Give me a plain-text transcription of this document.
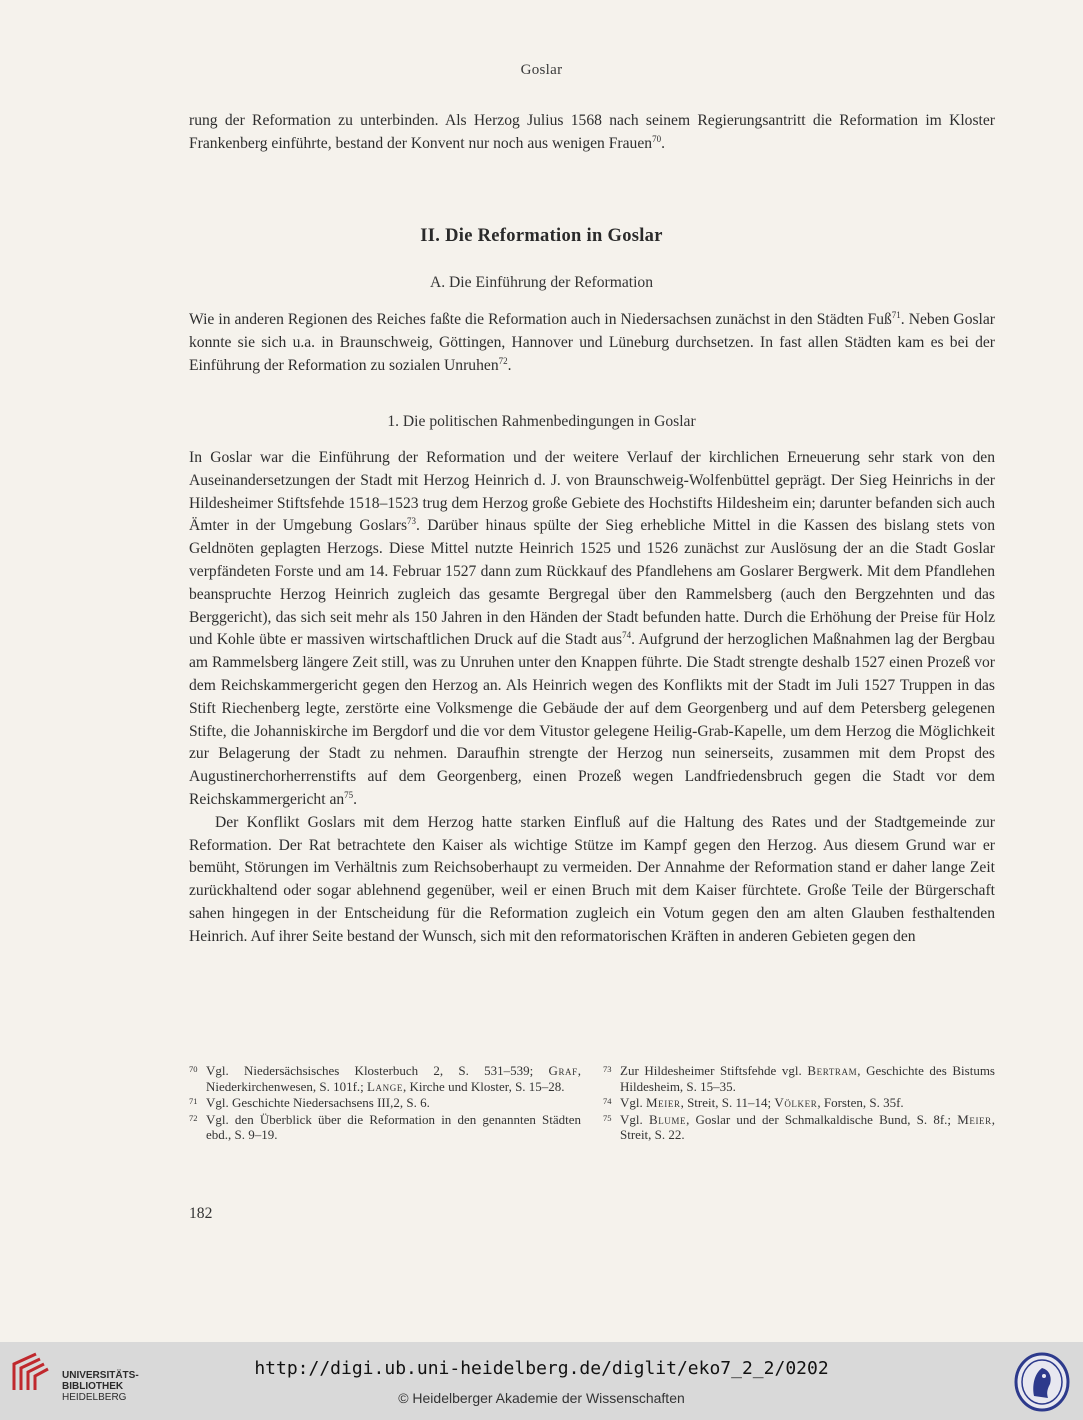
Goslar

rung der Reformation zu unterbinden. Als Herzog Julius 1568 nach seinem Regierungsantritt die Reformation im Kloster Frankenberg einführte, bestand der Konvent nur noch aus wenigen Frauen$^{70}$.

II. Die Reformation in Goslar
A. Die Einführung der Reformation

Wie in anderen Regionen des Reiches faßte die Reformation auch in Niedersachsen zunächst in den Städten Fuß$^{71}$. Neben Goslar konnte sie sich u.a. in Braunschweig, Göttingen, Hannover und Lüneburg durchsetzen. In fast allen Städten kam es bei der Einführung der Reformation zu sozialen Unruhen$^{72}$.

1. Die politischen Rahmenbedingungen in Goslar

In Goslar war die Einführung der Reformation und der weitere Verlauf der kirchlichen Erneuerung sehr stark von den Auseinandersetzungen der Stadt mit Herzog Heinrich d. J. von Braunschweig-Wolfenbüttel geprägt. Der Sieg Heinrichs in der Hildesheimer Stiftsfehde 1518–1523 trug dem Herzog große Gebiete des Hochstifts Hildesheim ein; darunter befanden sich auch Ämter in der Umgebung Goslars$^{73}$. Darüber hinaus spülte der Sieg erhebliche Mittel in die Kassen des bislang stets von Geldnöten geplagten Herzogs. Diese Mittel nutzte Heinrich 1525 und 1526 zunächst zur Auslösung der an die Stadt Goslar verpfändeten Forste und am 14. Februar 1527 dann zum Rückkauf des Pfandlehens am Goslarer Bergwerk. Mit dem Pfandlehen beanspruchte Herzog Heinrich zugleich das gesamte Bergregal über den Rammelsberg (auch den Bergzehnten und das Berggericht), das sich seit mehr als 150 Jahren in den Händen der Stadt befunden hatte. Durch die Erhöhung der Preise für Holz und Kohle übte er massiven wirtschaftlichen Druck auf die Stadt aus$^{74}$. Aufgrund der herzoglichen Maßnahmen lag der Bergbau am Rammelsberg längere Zeit still, was zu Unruhen unter den Knappen führte. Die Stadt strengte deshalb 1527 einen Prozeß vor dem Reichskammergericht gegen den Herzog an. Als Heinrich wegen des Konflikts mit der Stadt im Juli 1527 Truppen in das Stift Riechenberg legte, zerstörte eine Volksmenge die Gebäude der auf dem Georgenberg und auf dem Petersberg gelegenen Stifte, die Johanniskirche im Bergdorf und die vor dem Vitustor gelegene Heilig-Grab-Kapelle, um dem Herzog die Möglichkeit zur Belagerung der Stadt zu nehmen. Daraufhin strengte der Herzog nun seinerseits, zusammen mit dem Propst des Augustinerchorherrenstifts auf dem Georgenberg, einen Prozeß wegen Landfriedensbruch gegen die Stadt vor dem Reichskammergericht $an^{75}$.

Der Konflikt Goslars mit dem Herzog hatte starken Einfluß auf die Haltung des Rates und der Stadtgemeinde zur Reformation. Der Rat betrachtete den Kaiser als wichtige Stütze im Kampf gegen den Herzog. Aus diesem Grund war er bemüht, Störungen im Verhältnis zum Reichsoberhaupt zu vermeiden. Der Annahme der Reformation stand er daher lange Zeit zurückhaltend oder sogar ablehnend gegenüber, weil er einen Bruch mit dem Kaiser fürchtete. Große Teile der Bürgerschaft sahen hingegen in der Entscheidung für die Reformation zugleich ein Votum gegen den am alten Glauben festhaltenden Heinrich. Auf ihrer Seite bestand der Wunsch, sich mit den reformatorischen Kräften in anderen Gebieten gegen den

70 Vgl. Niedersächsisches Klosterbuch 2, S. 531–539; Graf, Niederkirchenwesen, S. 101f.; Lange, Kirche und Kloster, S. 15–28.
71 Vgl. Geschichte Niedersachsens III,2, S. 6.
72 Vgl. den Überblick über die Reformation in den genannten Städten ebd., S. 9–19.
73 Zur Hildesheimer Stiftsfehde vgl. Bertram, Geschichte des Bistums Hildesheim, S. 15–35.
74 Vgl. Meier, Streit, S. 11–14; Völker, Forsten, S. 35f.
75 Vgl. Blume, Goslar und der Schmalkaldische Bund, S. 8f.; Meier, Streit, S. 22.
182
UNIVERSITÄTS-
BIBLIOTHEK
HEIDELBERG
http://digi.ub.uni-heidelberg.de/diglit/eko7_2_2/0202
© Heidelberger Akademie der Wissenschaften
